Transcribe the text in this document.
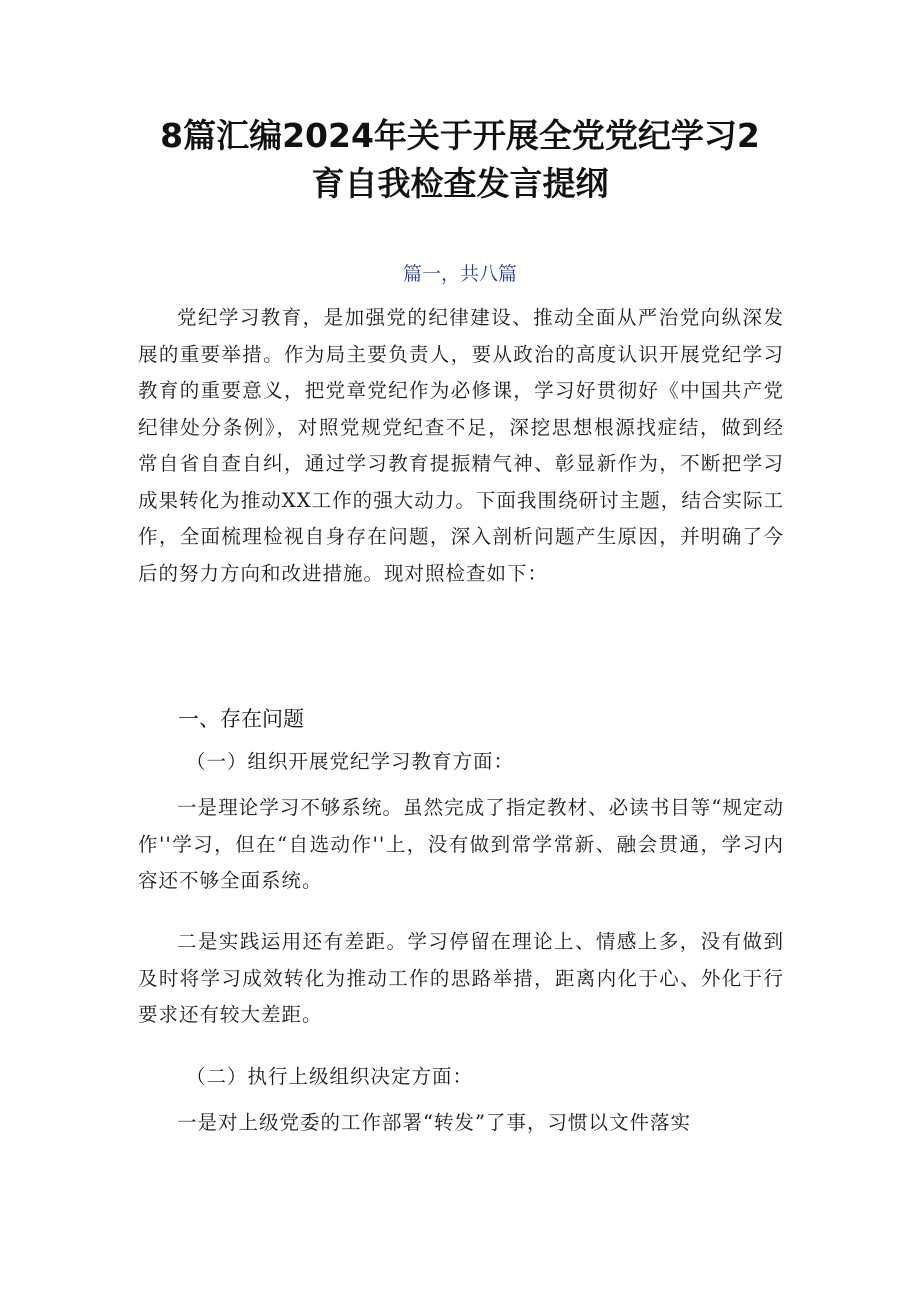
8篇汇编2024年关于开展全党党纪学习2
育自我检查发言提纲
篇一，共八篇
党纪学习教育，是加强党的纪律建设、推动全面从严治党向纵深发展的重要举措。作为局主要负责人，要从政治的高度认识开展党纪学习教育的重要意义，把党章党纪作为必修课，学习好贯彻好《中国共产党纪律处分条例》，对照党规党纪查不足，深挖思想根源找症结，做到经常自省自查自纠，通过学习教育提振精气神、彰显新作为，不断把学习成果转化为推动XX工作的强大动力。下面我围绕研讨主题，结合实际工作，全面梳理检视自身存在问题，深入剖析问题产生原因，并明确了今后的努力方向和改进措施。现对照检查如下：
一、存在问题
（一）组织开展党纪学习教育方面：
一是理论学习不够系统。虽然完成了指定教材、必读书目等“规定动作''学习，但在“自选动作''上，没有做到常学常新、融会贯通，学习内容还不够全面系统。
二是实践运用还有差距。学习停留在理论上、情感上多，没有做到及时将学习成效转化为推动工作的思路举措，距离内化于心、外化于行要求还有较大差距。
（二）执行上级组织决定方面：
一是对上级党委的工作部署“转发”了事，习惯以文件落实
